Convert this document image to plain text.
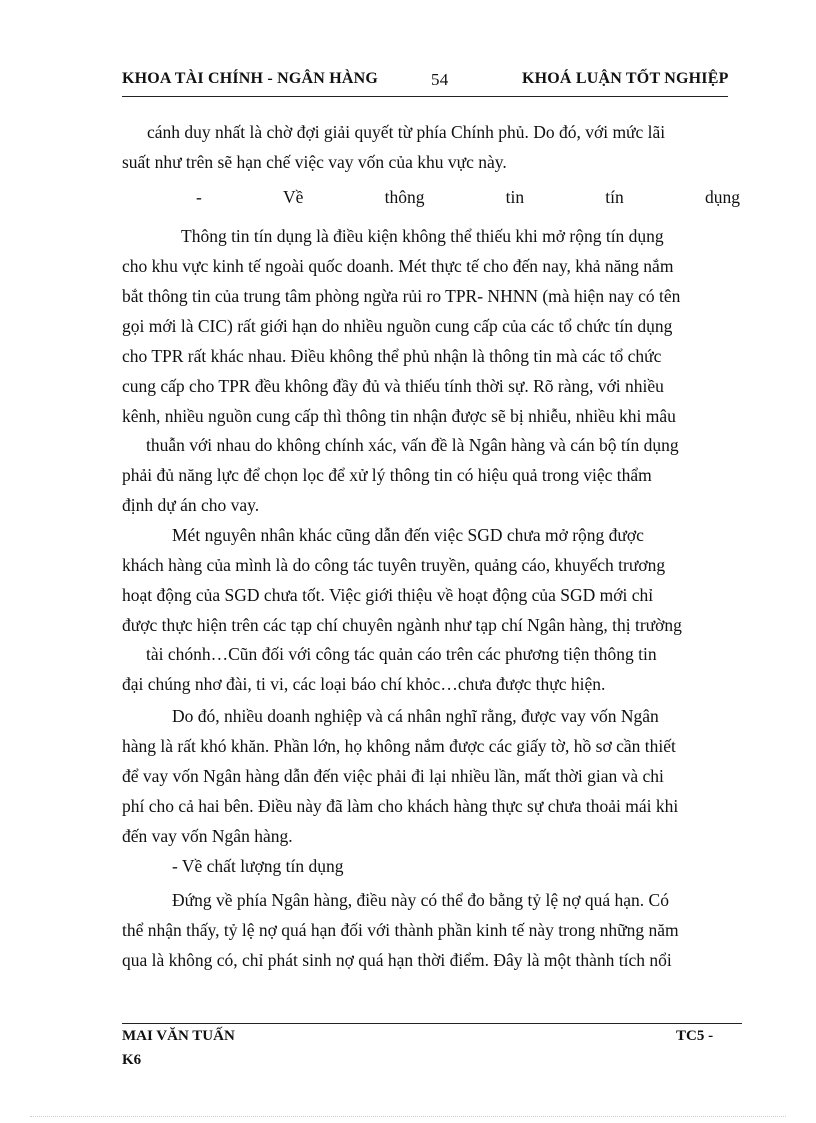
KHOA TÀI CHÍNH - NGÂN HÀNG	54	KHOÁ LUẬN TỐT NGHIỆP
cánh duy nhất là chờ đợi giải quyết từ phía Chính phủ. Do đó, với mức lãi
suất như trên sẽ hạn chế việc vay vốn của khu vực này.
-	Về	thông	tin	tín	dụng
Thông tin tín dụng là điều kiện không thể thiếu khi mở rộng tín dụng
cho khu vực kinh tế ngoài quốc doanh. Mét thực tế cho đến nay, khả năng nắm
bắt thông tin của trung tâm phòng ngừa rủi ro TPR- NHNN (mà hiện nay có tên
gọi mới là CIC) rất giới hạn do nhiều nguồn cung cấp của các tổ chức tín dụng
cho TPR rất khác nhau. Điều không thể phủ nhận là thông tin mà các tổ chức
cung cấp cho TPR đều không đầy đủ và thiếu tính thời sự. Rõ ràng, với nhiều
kênh, nhiều nguồn cung cấp thì thông tin nhận được sẽ bị nhiễu, nhiều khi mâu
thuẫn với nhau do không chính xác, vấn đề là Ngân hàng và cán bộ tín dụng
phải đủ năng lực để chọn lọc để xử lý thông tin có hiệu quả trong việc thẩm
định dự án cho vay.
Mét nguyên nhân khác cũng dẫn đến việc SGD chưa mở rộng được
khách hàng của mình là do công tác tuyên truyền, quảng cáo, khuyếch trương
hoạt động của SGD chưa tốt. Việc giới thiệu về hoạt động của SGD mới chỉ
được thực hiện trên các tạp chí chuyên ngành như tạp chí Ngân hàng, thị trường
tài chónh…Cũn đối với công tác quản cáo trên các phương tiện thông tin
đại chúng nhơ đài, ti vi, các loại báo chí khỏc…chưa được thực hiện.
Do đó, nhiều doanh nghiệp và cá nhân nghĩ rằng, được vay vốn Ngân
hàng là rất khó khăn. Phần lớn, họ không nắm được các giấy tờ, hồ sơ cần thiết
để vay vốn Ngân hàng dẫn đến việc phải đi lại nhiều lần, mất thời gian và chi
phí cho cả hai bên. Điều này đã làm cho khách hàng thực sự chưa thoải mái khi
đến vay vốn Ngân hàng.
- Về chất lượng tín dụng
Đứng về phía Ngân hàng, điều này có thể đo bằng tỷ lệ nợ quá hạn. Có
thể nhận thấy, tỷ lệ nợ quá hạn đối với thành phần kinh tế này trong những năm
qua là không có, chỉ phát sinh nợ quá hạn thời điểm. Đây là một thành tích nổi
MAI VĂN TUẤN	TC5 -
K6
